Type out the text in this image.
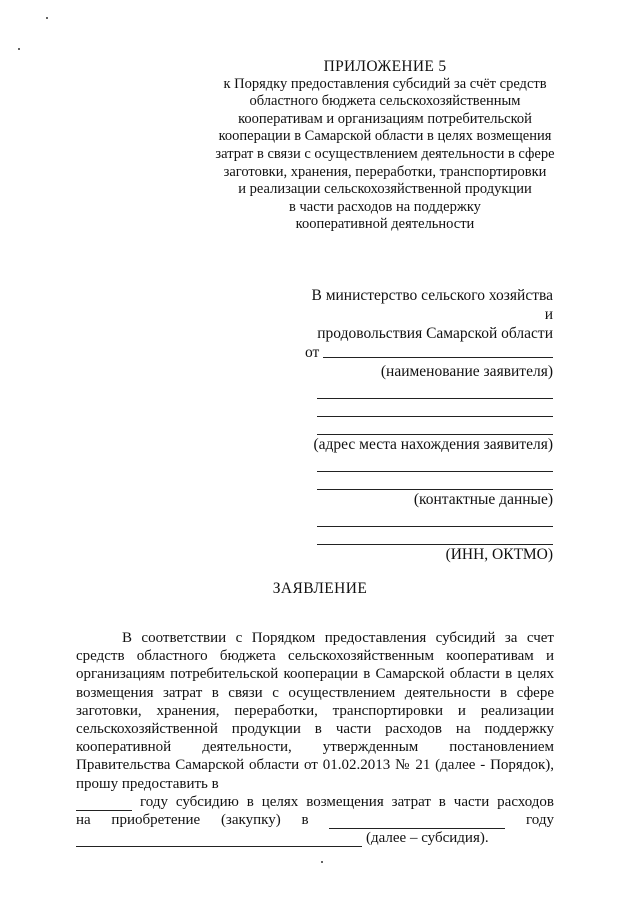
ПРИЛОЖЕНИЕ 5
к Порядку предоставления субсидий за счёт средств
областного бюджета сельскохозяйственным
кооперативам и организациям потребительской
кооперации в Самарской области в целях возмещения
затрат в связи с осуществлением деятельности в сфере
заготовки, хранения, переработки, транспортировки
и реализации сельскохозяйственной продукции
в части расходов на поддержку
кооперативной деятельности
В министерство сельского хозяйства и
продовольствия Самарской области
от
(наименование заявителя)
(адрес места нахождения заявителя)
(контактные данные)
(ИНН, ОКТМО)
ЗАЯВЛЕНИЕ

В соответствии с Порядком предоставления субсидий за счет средств областного бюджета сельскохозяйственным кооперативам и организациям потребительской кооперации в Самарской области в целях возмещения затрат в связи с осуществлением деятельности в сфере заготовки, хранения, переработки, транспортировки и реализации сельскохозяйственной продукции в части расходов на поддержку кооперативной деятельности, утвержденным постановлением Правительства Самарской области от 01.02.2013 № 21 (далее - Порядок), прошу предоставить в

году субсидию в целях возмещения затрат в части расходов
на приобретение (закупку) в	году
(далее – субсидия).
